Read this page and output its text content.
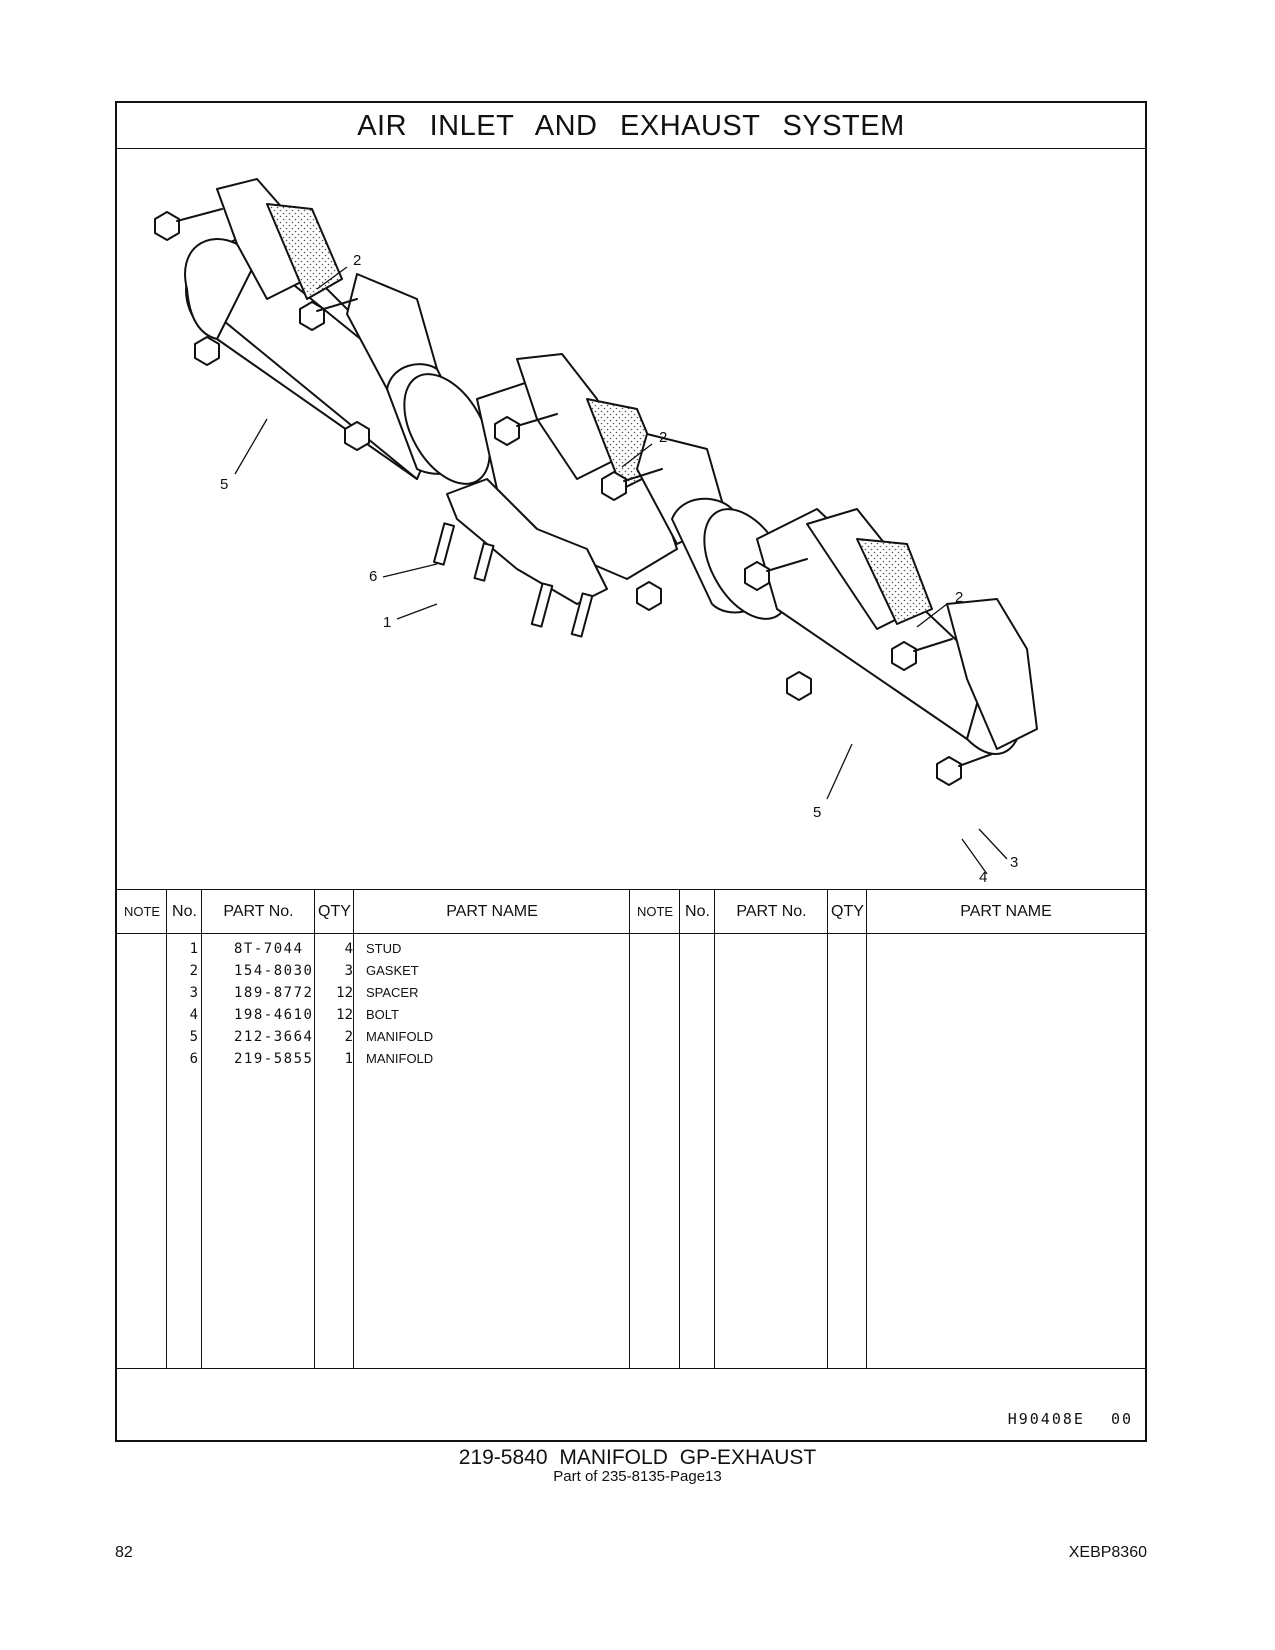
AIR INLET AND EXHAUST SYSTEM
2
2
2
5
5
6
1
3
4
NOTE No.	PART No.	QTY	PART NAME	NOTE No.	PART No.	QTY	PART NAME
1	8T-7044	4 STUD
2	154-8030	3 GASKET
3	189-8772	12 SPACER
4	198-4610	12 BOLT
5	212-3664	2 MANIFOLD
6	219-5855	1 MANIFOLD
H90408E 00
219-5840 MANIFOLD GP-EXHAUST
Part of 235-8135-Page13
82	XEBP8360
